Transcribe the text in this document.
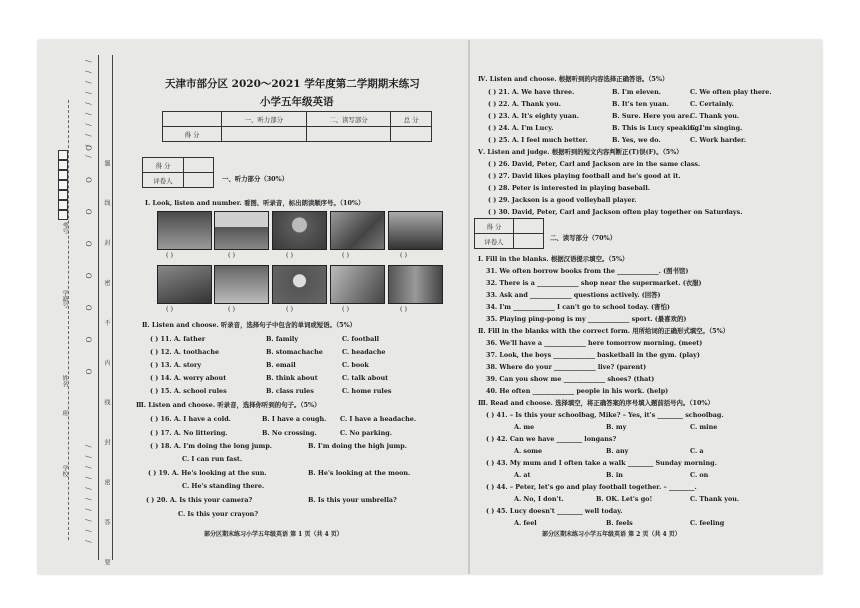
考号
学籍号
姓名
班
学校
/ / / / / / / / / /
/ / / / / / / / / /
O O O O O O O O 题 线 封 密 不 内 线 封 密 答 要
天津市部分区 2020～2021 学年度第二学期期末练习
小学五年级英语
	一、听力部分	二、读写部分	总 分
得 分			
得 分	
评卷人		一、听力部分（30%）
Ⅰ. Look, listen and number. 看图、听录音，标出朗读顺序号。（10%）
( )	( )	( )	( )	( )
( )	( )	( )	( )	( )
Ⅱ. Listen and choose. 听录音，选择句子中包含的单词或短语。（5%）
( ) 11. A. father	B. family	C. football
( ) 12. A. toothache	B. stomachache	C. headache
( ) 13. A. story	B. email	C. book
( ) 14. A. worry about	B. think about	C. talk about
( ) 15. A. school rules	B. class rules	C. home rules
Ⅲ. Listen and choose. 听录音，选择你听到的句子。（5%）
( ) 16. A. I have a cold.	B. I have a cough. C. I have a headache.
( ) 17. A. No littering.	B. No crossing.	C. No parking.
( ) 18. A. I'm doing the long jump.	B. I'm doing the high jump.
C. I can run fast.
( ) 19. A. He's looking at the sun.	B. He's looking at the moon.
C. He's standing there.
( ) 20. A. Is this your camera?	B. Is this your umbrella?
C. Is this your crayon?
部分区期末练习小学五年级英语 第 1 页（共 4 页）
Ⅳ. Listen and choose. 根据听到的内容选择正确答语。（5%）
( ) 21. A. We have three.	B. I'm eleven.	C. We often play there.
( ) 22. A. Thank you.	B. It's ten yuan.	C. Certainly.
( ) 23. A. It's eighty yuan.	B. Sure. Here you are.
C. Thank you.
( ) 24. A. I'm Lucy.	B. This is Lucy speaking.
C. I'm singing.
( ) 25. A. I feel much better.	B. Yes, we do.	C. Work harder.
Ⅴ. Listen and judge. 根据听到的短文内容判断正(T)误(F)。（5%）
( ) 26. David, Peter, Carl and Jackson are in the same class.
( ) 27. David likes playing football and he's good at it.
( ) 28. Peter is interested in playing baseball.
( ) 29. Jackson is a good volleyball player.
( ) 30. David, Peter, Carl and Jackson often play together on Saturdays.
得 分	
评卷人		二、读写部分（70%）
Ⅰ. Fill in the blanks. 根据汉语提示填空。（5%）
31. We often borrow books from the _____________. (图书馆)
32. There is a _____________ shop near the supermarket. (衣服)
33. Ask and _____________ questions actively. (回答)
34. I'm _____________ I can't go to school today. (害怕)
35. Playing ping-pong is my _____________ sport. (最喜欢的)
Ⅱ. Fill in the blanks with the correct form. 用所给词的正确形式填空。（5%）
36. We'll have a _____________ here tomorrow morning. (meet)
37. Look, the boys _____________ basketball in the gym. (play)
38. Where do your _____________ live? (parent)
39. Can you show me _____________ shoes? (that)
40. He often _____________ people in his work. (help)
Ⅲ. Read and choose. 选择填空，将正确答案的序号填入题前括号内。（10%）
( ) 41. – Is this your schoolbag, Mike? – Yes, it's ________ schoolbag.
A. me	B. my	C. mine
( ) 42. Can we have ________ longans?
A. some	B. any	C. a
( ) 43. My mum and I often take a walk ________ Sunday morning.
A. at	B. in	C. on
( ) 44. – Peter, let's go and play football together. – ________.
A. No, I don't.	B. OK. Let's go!	C. Thank you.
( ) 45. Lucy doesn't ________ well today.
A. feel	B. feels	C. feeling
部分区期末练习小学五年级英语 第 2 页（共 4 页）
